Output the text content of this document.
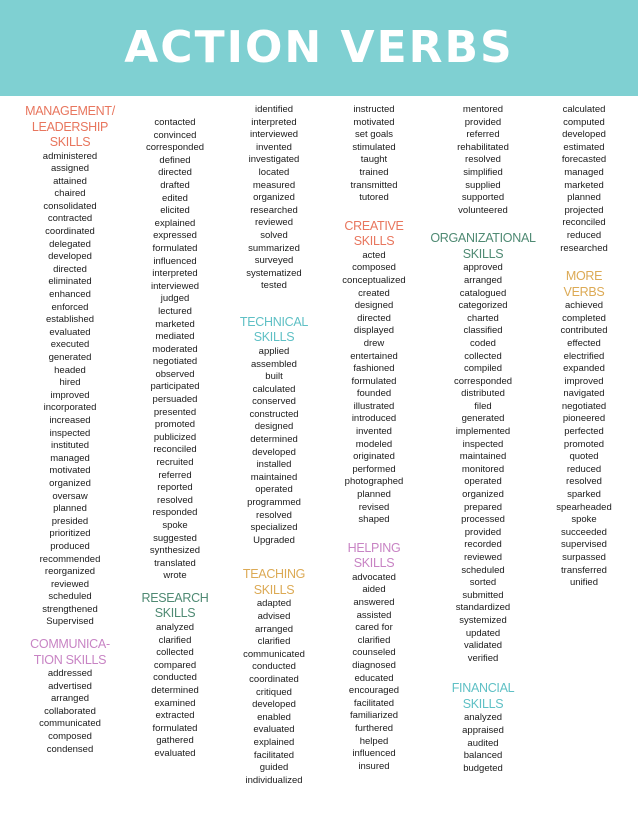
ACTION VERBS
MANAGEMENT/
LEADERSHIP
SKILLS
administered
assigned
attained
chaired
consolidated
contracted
coordinated
delegated
developed
directed
eliminated
enhanced
enforced
established
evaluated
executed
generated
headed
hired
improved
incorporated
increased
inspected
instituted
managed
motivated
organized
oversaw
planned
presided
prioritized
produced
recommended
reorganized
reviewed
scheduled
strengthened
Supervised
COMMUNICA-
TION SKILLS
addressed
advertised
arranged
collaborated
communicated
composed
condensed
contacted
convinced
corresponded
defined
directed
drafted
edited
elicited
explained
expressed
formulated
influenced
interpreted
interviewed
judged
lectured
marketed
mediated
moderated
negotiated
observed
participated
persuaded
presented
promoted
publicized
reconciled
recruited
referred
reported
resolved
responded
spoke
suggested
synthesized
translated
wrote
RESEARCH
SKILLS
analyzed
clarified
collected
compared
conducted
determined
examined
extracted
formulated
gathered
evaluated
identified
interpreted
interviewed
invented
investigated
located
measured
organized
researched
reviewed
solved
summarized
surveyed
systematized
tested
TECHNICAL
SKILLS
applied
assembled
built
calculated
conserved
constructed
designed
determined
developed
installed
maintained
operated
programmed
resolved
specialized
Upgraded
TEACHING
SKILLS
adapted
advised
arranged
clarified
communicated
conducted
coordinated
critiqued
developed
enabled
evaluated
explained
facilitated
guided
individualized
instructed
motivated
set goals
stimulated
taught
trained
transmitted
tutored
CREATIVE
SKILLS
acted
composed
conceptualized
created
designed
directed
displayed
drew
entertained
fashioned
formulated
founded
illustrated
introduced
invented
modeled
originated
performed
photographed
planned
revised
shaped
HELPING
SKILLS
advocated
aided
answered
assisted
cared for
clarified
counseled
diagnosed
educated
encouraged
facilitated
familiarized
furthered
helped
influenced
insured
mentored
provided
referred
rehabilitated
resolved
simplified
supplied
supported
volunteered
ORGANIZATIONAL
SKILLS
approved
arranged
catalogued
categorized
charted
classified
coded
collected
compiled
corresponded
distributed
filed
generated
implemented
inspected
maintained
monitored
operated
organized
prepared
processed
provided
recorded
reviewed
scheduled
sorted
submitted
standardized
systemized
updated
validated
verified
FINANCIAL
SKILLS
analyzed
appraised
audited
balanced
budgeted
calculated
computed
developed
estimated
forecasted
managed
marketed
planned
projected
reconciled
reduced
researched
MORE
VERBS
achieved
completed
contributed
effected
electrified
expanded
improved
navigated
negotiated
pioneered
perfected
promoted
quoted
reduced
resolved
sparked
spearheaded
spoke
succeeded
supervised
surpassed
transferred
unified
